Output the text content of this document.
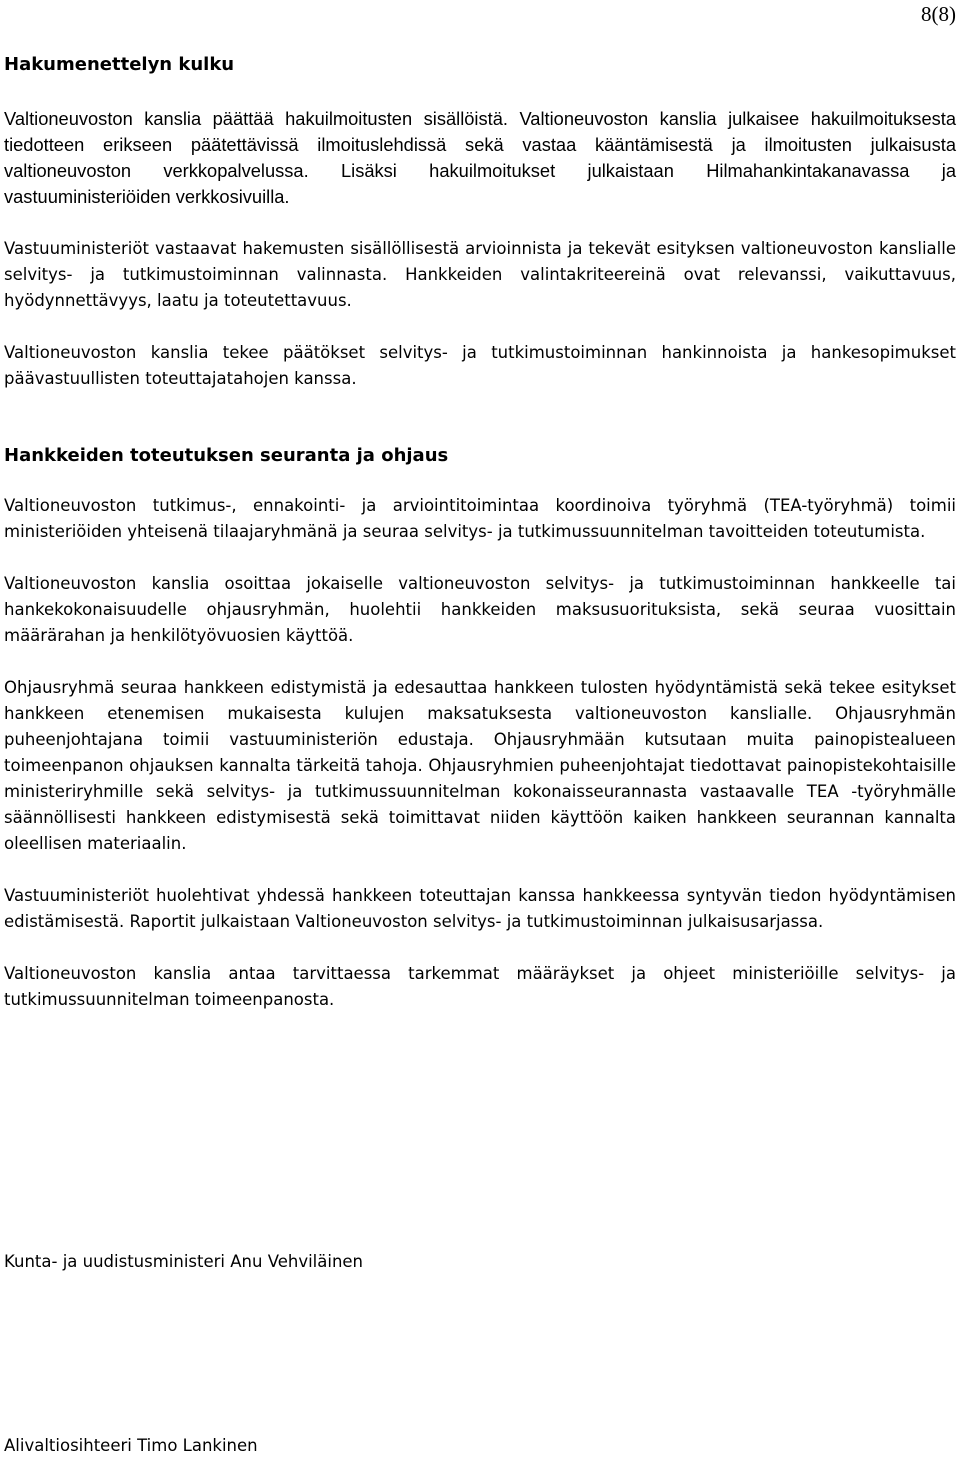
8(8)
Hakumenettelyn kulku

Valtioneuvoston kanslia päättää hakuilmoitusten sisällöistä. Valtioneuvoston kanslia julkaisee hakuilmoituksesta tiedotteen erikseen päätettävissä ilmoituslehdissä sekä vastaa kääntämisestä ja ilmoitusten julkaisusta valtioneuvoston verkkopalvelussa. Lisäksi hakuilmoitukset julkaistaan Hilmahankintakanavassa ja vastuuministeriöiden verkkosivuilla.

Vastuuministeriöt vastaavat hakemusten sisällöllisestä arvioinnista ja tekevät esityksen valtioneuvoston kanslialle selvitys- ja tutkimustoiminnan valinnasta. Hankkeiden valintakriteereinä ovat relevanssi, vaikuttavuus, hyödynnettävyys, laatu ja toteutettavuus.

Valtioneuvoston kanslia tekee päätökset selvitys- ja tutkimustoiminnan hankinnoista ja hankesopimukset päävastuullisten toteuttajatahojen kanssa.

Hankkeiden toteutuksen seuranta ja ohjaus

Valtioneuvoston tutkimus-, ennakointi- ja arviointitoimintaa koordinoiva työryhmä (TEA-työryhmä) toimii ministeriöiden yhteisenä tilaajaryhmänä ja seuraa selvitys- ja tutkimussuunnitelman tavoitteiden toteutumista.

Valtioneuvoston kanslia osoittaa jokaiselle valtioneuvoston selvitys- ja tutkimustoiminnan hankkeelle tai hankekokonaisuudelle ohjausryhmän, huolehtii hankkeiden maksusuorituksista, sekä seuraa vuosittain määrärahan ja henkilötyövuosien käyttöä.

Ohjausryhmä seuraa hankkeen edistymistä ja edesauttaa hankkeen tulosten hyödyntämistä sekä tekee esitykset hankkeen etenemisen mukaisesta kulujen maksatuksesta valtioneuvoston kanslialle. Ohjausryhmän puheenjohtajana toimii vastuuministeriön edustaja. Ohjausryhmään kutsutaan muita painopistealueen toimeenpanon ohjauksen kannalta tärkeitä tahoja. Ohjausryhmien puheenjohtajat tiedottavat painopistekohtaisille ministeriryhmille sekä selvitys- ja tutkimussuunnitelman kokonaisseurannasta vastaavalle TEA -työryhmälle säännöllisesti hankkeen edistymisestä sekä toimittavat niiden käyttöön kaiken hankkeen seurannan kannalta oleellisen materiaalin.

Vastuuministeriöt huolehtivat yhdessä hankkeen toteuttajan kanssa hankkeessa syntyvän tiedon hyödyntämisen edistämisestä. Raportit julkaistaan Valtioneuvoston selvitys- ja tutkimustoiminnan julkaisusarjassa.

Valtioneuvoston kanslia antaa tarvittaessa tarkemmat määräykset ja ohjeet ministeriöille selvitys- ja tutkimussuunnitelman toimeenpanosta.

Kunta- ja uudistusministeri Anu Vehviläinen
Alivaltiosihteeri Timo Lankinen
